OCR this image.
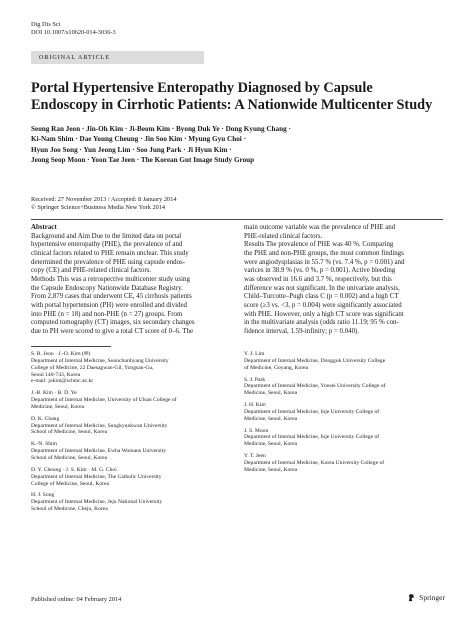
Dig Dis Sci
DOI 10.1007/s10620-014-3036-3
ORIGINAL ARTICLE
Portal Hypertensive Enteropathy Diagnosed by Capsule
Endoscopy in Cirrhotic Patients: A Nationwide Multicenter Study
Seong Ran Jeon · Jin-Oh Kim · Ji-Beom Kim · Byong Duk Ye · Dong Kyung Chang ·
Ki-Nam Shim · Dae Young Cheung · Jin Soo Kim · Myung Gyu Choi ·
Hyun Joo Song · Yun Jeong Lim · Soo Jung Park · Ji Hyun Kim ·
Jeong Seop Moon · Yoon Tae Jeen · The Korean Gut Image Study Group
Received: 27 November 2013 / Accepted: 8 January 2014
© Springer Science+Business Media New York 2014
Abstract
Background and Aim Due to the limited data on portal
hypertensive enteropathy (PHE), the prevalence of and
clinical factors related to PHE remain unclear. This study
determined the prevalence of PHE using capsule endos-
copy (CE) and PHE-related clinical factors.
Methods This was a retrospective multicenter study using
the Capsule Endoscopy Nationwide Database Registry.
From 2,879 cases that underwent CE, 45 cirrhosis patients
with portal hypertension (PH) were enrolled and divided
into PHE (n = 18) and non-PHE (n = 27) groups. From
computed tomography (CT) images, six secondary changes
due to PH were scored to give a total CT score of 0–6. The
main outcome variable was the prevalence of PHE and
PHE-related clinical factors.
Results The prevalence of PHE was 40 %. Comparing
the PHE and non-PHE groups, the most common findings
were angiodysplasias in 55.7 % (vs. 7.4 %, p = 0.001) and
varices in 38.9 % (vs. 0 %, p = 0.001). Active bleeding
was observed in 16.6 and 3.7 %, respectively, but this
difference was not significant. In the univariate analysis,
Child–Turcotte–Pugh class C (p = 0.002) and a high CT
score (≥3 vs. <3, p = 0.004) were significantly associated
with PHE. However, only a high CT score was significant
in the multivariate analysis (odds ratio 11.19; 95 % con-
fidence interval, 1.59-infinity; p = 0.040).
S. R. Jeon · J.-O. Kim (✉)
Department of Internal Medicine, Soonchunhyang University
College of Medicine, 22 Daesagwan-Gil, Yongsan-Gu,
Seoul 140-743, Korea
e-mail: jokim@schmc.ac.kr
J.-B. Kim · B. D. Ye
Department of Internal Medicine, University of Ulsan College of
Medicine, Seoul, Korea
D. K. Chang
Department of Internal Medicine, Sungkyunkwan University
School of Medicine, Seoul, Korea
K.-N. Shim
Department of Internal Medicine, Ewha Womans University
School of Medicine, Seoul, Korea
D. Y. Cheung · J. S. Kim · M. G. Choi
Department of Internal Medicine, The Catholic University
College of Medicine, Seoul, Korea
H. J. Song
Department of Internal Medicine, Jeju National University
School of Medicine, Cheju, Korea
Y. J. Lim
Department of Internal Medicine, Dongguk University College
of Medicine, Goyang, Korea
S. J. Park
Department of Internal Medicine, Yonsei University College of
Medicine, Seoul, Korea
J. H. Kim
Department of Internal Medicine, Inje University College of
Medicine, Seoul, Korea
J. S. Moon
Department of Internal Medicine, Inje University College of
Medicine, Seoul, Korea
Y. T. Jeen
Department of Internal Medicine, Korea University College of
Medicine, Seoul, Korea
Published online: 04 February 2014	Springer
